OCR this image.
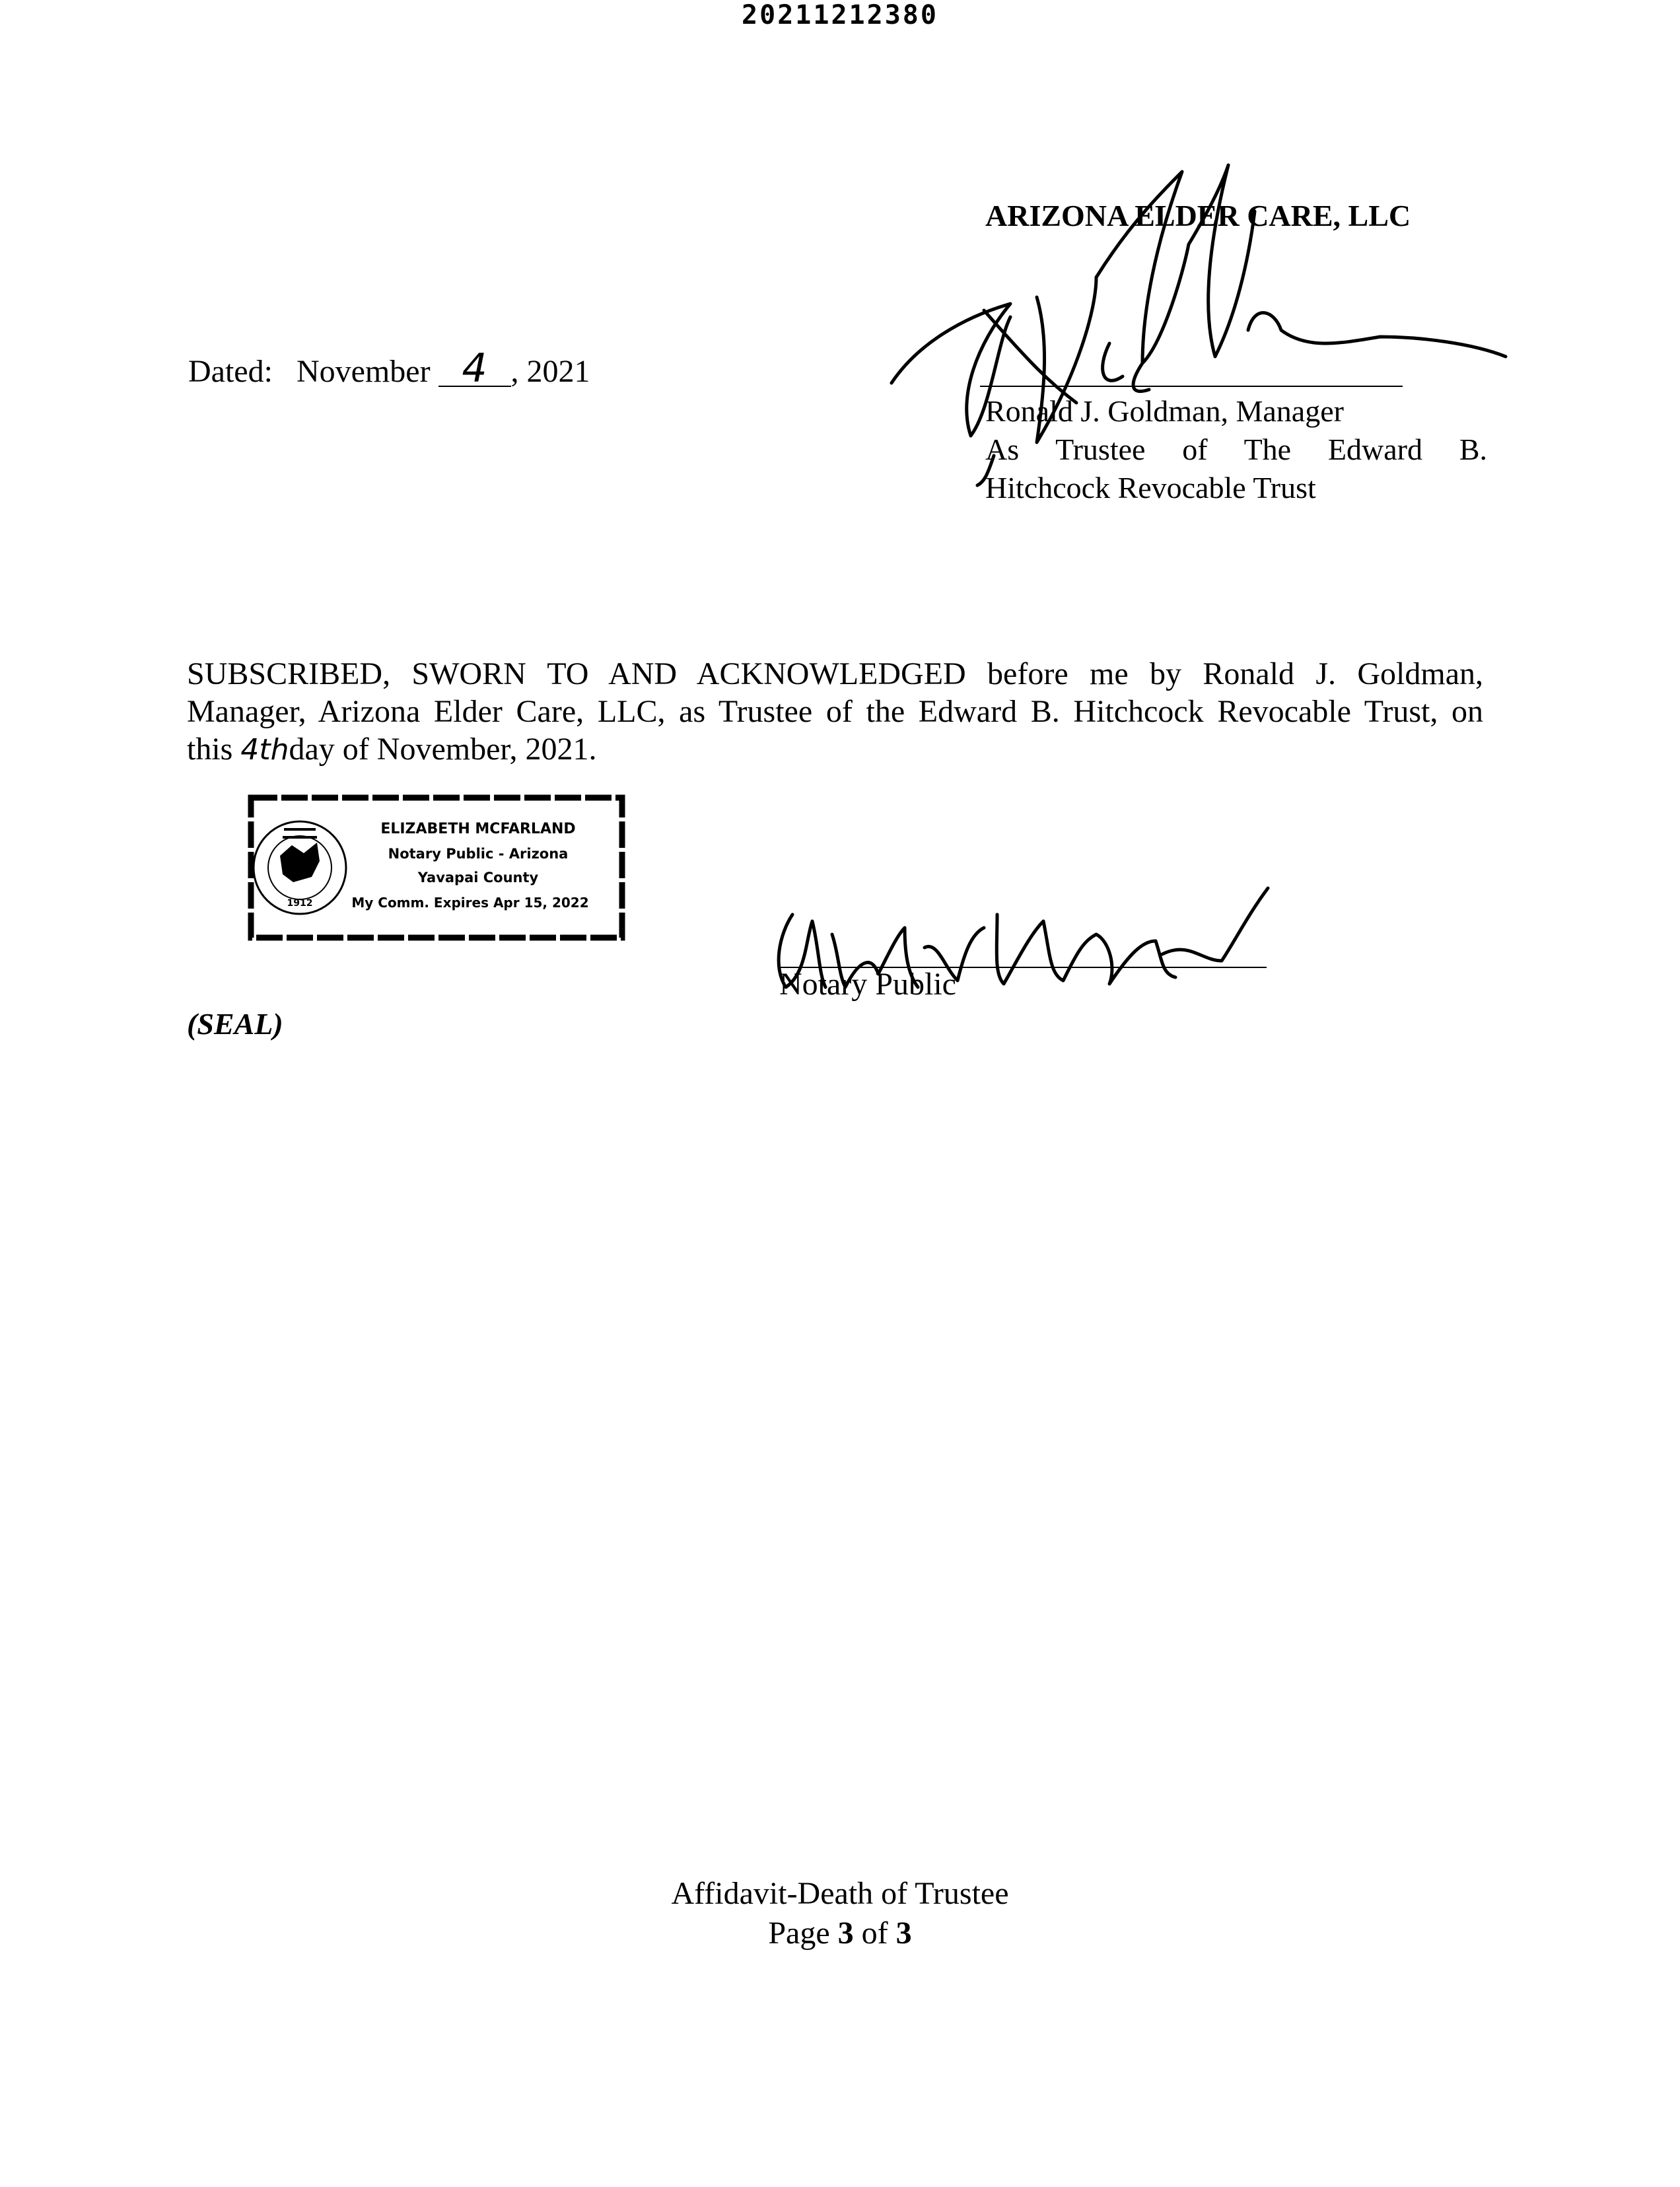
20211212380
ARIZONA ELDER CARE, LLC
Dated: November 4 , 2021
Ronald J. Goldman, Manager
As Trustee of The Edward B.
Hitchcock Revocable Trust
SUBSCRIBED, SWORN TO AND ACKNOWLEDGED before me by Ronald J. Goldman,
Manager, Arizona Elder Care, LLC, as Trustee of the Edward B. Hitchcock Revocable Trust, on
this 4thday of November, 2021.
1912
ELIZABETH MCFARLAND
Notary Public - Arizona
Yavapai County
My Comm. Expires Apr 15, 2022
Notary Public
(SEAL)
Affidavit-Death of Trustee
Page 3 of 3
